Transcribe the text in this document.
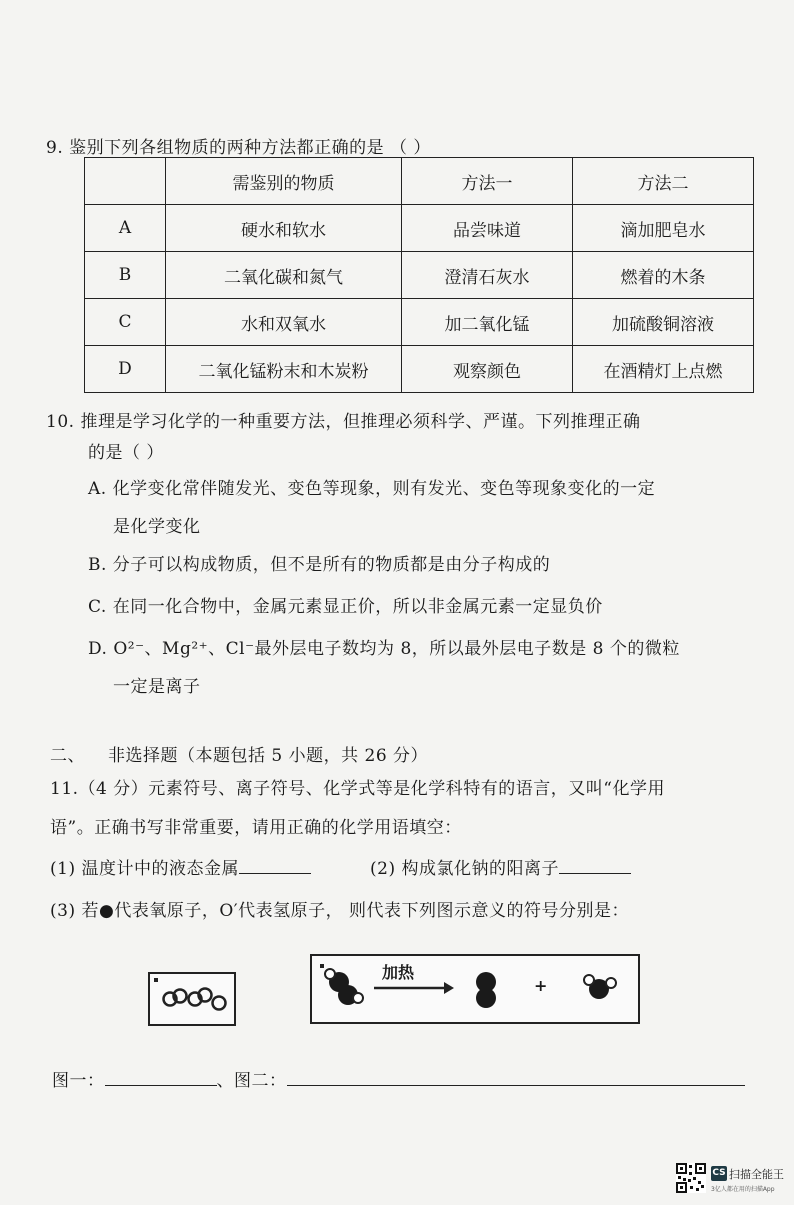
9. 鉴别下列各组物质的两种方法都正确的是 （ ）
	需鉴别的物质	方法一	方法二
A	硬水和软水	品尝味道	滴加肥皂水
B	二氧化碳和氮气	澄清石灰水	燃着的木条
C	水和双氧水	加二氧化锰	加硫酸铜溶液
D	二氧化锰粉末和木炭粉	观察颜色	在酒精灯上点燃
10. 推理是学习化学的一种重要方法，但推理必须科学、严谨。下列推理正确
的是（ ）
A. 化学变化常伴随发光、变色等现象，则有发光、变色等现象变化的一定
是化学变化
B. 分子可以构成物质，但不是所有的物质都是由分子构成的
C. 在同一化合物中，金属元素显正价，所以非金属元素一定显负价
D. O²⁻、Mg²⁺、Cl⁻最外层电子数均为 8，所以最外层电子数是 8 个的微粒
一定是离子
二、 非选择题（本题包括 5 小题，共 26 分）
11.（4 分）元素符号、离子符号、化学式等是化学科特有的语言，又叫“化学用
语”。正确书写非常重要，请用正确的化学用语填空：
(1) 温度计中的液态金属	(2) 构成氯化钠的阳离子
(3) 若●代表氧原子，O′代表氢原子， 则代表下列图示意义的符号分别是：
加热
+
图一：	、图二：
CS 扫描全能王
3亿人都在用的扫描App
